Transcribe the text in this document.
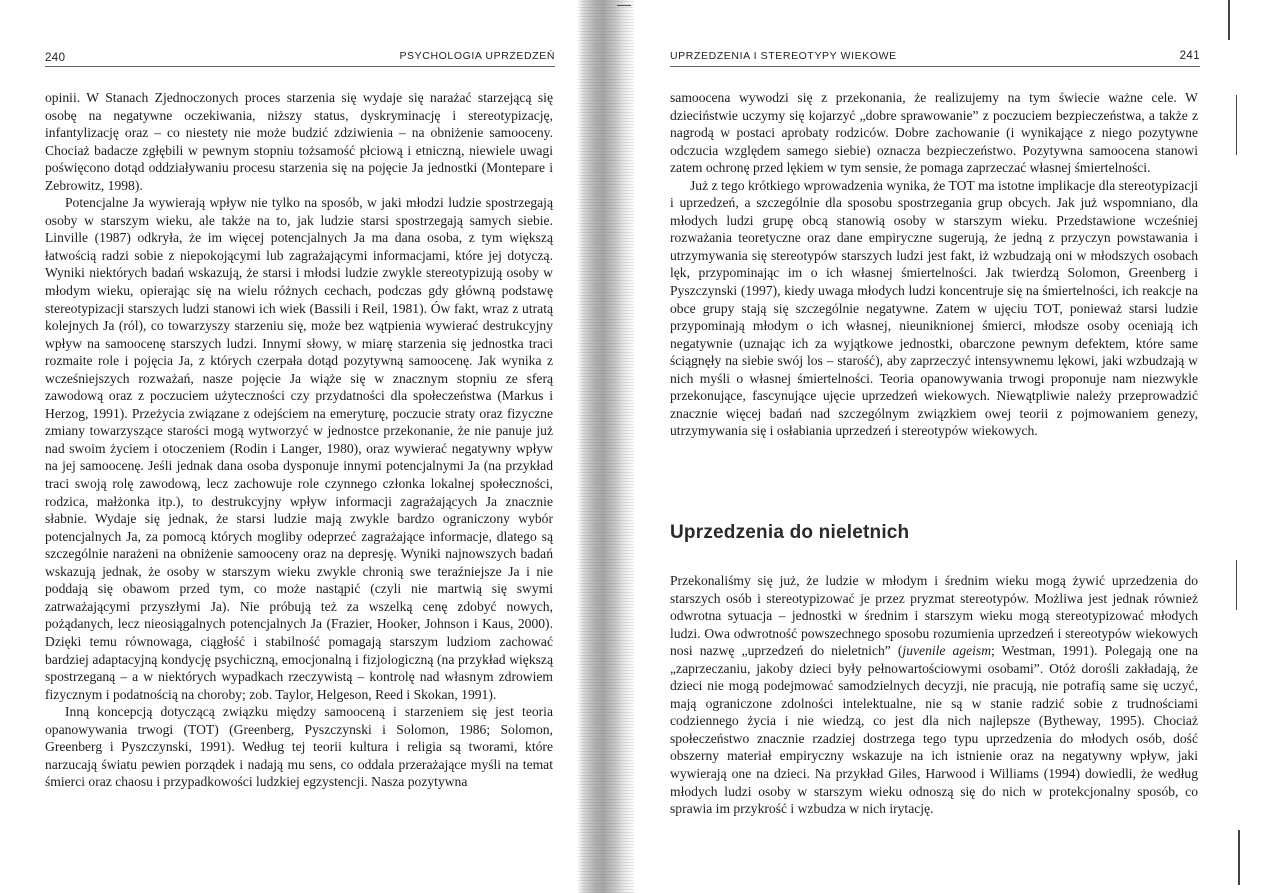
240	PSYCHOLOGIA UPRZEDZEŃ

opinii. W Stanach Zjednoczonych proces starzenia się wydaje się narażać starzejącą się osobę na negatywne oczekiwania, niższy status, dyskryminację i stereotypizację, infantylizację oraz – co niestety nie może budzić zdziwienia – na obniżenie samooceny. Chociaż badacze zgłębili w pewnym stopniu tożsamość płciową i etniczną, niewiele uwagi poświęcono dotąd oddziaływaniu procesu starzenia się na pojęcie Ja jednostki (Montepare i Zebrowitz, 1998).

Potencjalne Ja wywierają wpływ nie tylko na sposób, w jaki młodzi ludzie spostrzegają osoby w starszym wieku, ale także na to, jak ludzie starsi spostrzegają samych siebie. Linville (1987) odkryła, że im więcej potencjalnych Ja ma dana osoba, z tym większą łatwością radzi sobie z niepokojącymi lub zagrażającymi informacjami, które jej dotyczą. Wyniki niektórych badań wskazują, że starsi i młodsi ludzie zwykle stereotypizują osoby w młodym wieku, opierając się na wielu różnych cechach, podczas gdy główną podstawę stereotypizacji starszych ludzi stanowi ich wiek (Bassili i Reil, 1981). Ów fakt, wraz z utratą kolejnych Ja (ról), co towarzyszy starzeniu się, może bez wątpienia wywierać destrukcyjny wpływ na samoocenę starszych ludzi. Innymi słowy, w miarę starzenia się jednostka traci rozmaite role i pojęcia Ja, z których czerpała dotąd pozytywną samoocenę. Jak wynika z wcześniejszych rozważań, nasze pojęcie Ja wiąże się w znacznym stopniu ze sferą zawodową oraz z poczuciem użyteczności czy przydatności dla społeczeństwa (Markus i Herzog, 1991). Przeżycia związane z odejściem na emeryturę, poczucie straty oraz fizyczne zmiany towarzyszące starości mogą wytworzyć w jednostce przekonanie, że nie panuje już nad swoim życiem i otoczeniem (Rodin i Langer, 1980), oraz wywierać negatywny wpływ na jej samoocenę. Jeśli jednak dana osoba dysponuje innymi potencjalnymi Ja (na przykład traci swoją rolę zawodową, lecz zachowuje role czynnego członka lokalnej społeczności, rodzica, małżonka itp.), to destrukcyjny wpływ informacji zagrażających Ja znacznie słabnie. Wydaje się jednak, że starsi ludzie mają zwykle bardzo ograniczony wybór potencjalnych Ja, za pomocą których mogliby odeprzeć zagrażające informacje, dlatego są szczególnie narażeni na obniżenie samooceny oraz na depresję. Wyniki najnowszych badań wskazują jednak, że osoby w starszym wieku zwykle chronią swe teraźniejsze Ja i nie poddają się obawom przed tym, co może nastąpić (czyli nie martwią się swymi zatrważającymi przyszłymi Ja). Nie próbują też za wszelką cenę zdobyć nowych, pożądanych, lecz nieosiągalnych potencjalnych Ja (Frazier, Hooker, Johnson i Kaus, 2000). Dzięki temu równowaga, ciągłość i stabilność pomagają starszym ludziom zachować bardziej adaptacyjną kondycję psychiczną, emocjonalną i fizjologiczną (na przykład większą spostrzeganą – a w niektórych wypadkach rzeczywistą – kontrolę nad własnym zdrowiem fizycznym i podatnością na choroby; zob. Taylor, Helgeson, Reed i Skokan, 1991).

Inną koncepcją dotyczącą związku między samooceną i starzeniem się jest teoria opanowywania trwogi (TOT) (Greenberg, Pyszczynski i Solomon, 1986; Solomon, Greenberg i Pyszczynski, 1991). Według tej teorii kultura i religia są tworami, które narzucają światu pewien porządek i nadają mu sens, co oddala przerażające myśli na temat śmierci oraz chaosu i przypadkowości ludzkiej egzystencji. Nasza pozytywna

UPRZEDZENIA I STEREOTYPY WIEKOWE	241

samoocena wywodzi się z przekonania, że realizujemy na tym świecie ważne cele. W dzieciństwie uczymy się kojarzyć „dobre sprawowanie” z poczuciem bezpieczeństwa, a także z nagrodą w postaci aprobaty rodziców. Dobre zachowanie (i wynikające z niego pozytywne odczucia względem samego siebie) oznacza bezpieczeństwo. Pozytywna samoocena stanowi zatem ochronę przed lękiem w tym sensie, że pomaga zaprzeczać własnej śmiertelności.

Już z tego krótkiego wprowadzenia wynika, że TOT ma istotne implikacje dla stereotypizacji i uprzedzeń, a szczególnie dla sposobu spostrzegania grup obcych. Jak już wspomniano, dla młodych ludzi grupę obcą stanowią osoby w starszym wieku. Przedstawione wcześniej rozważania teoretyczne oraz dane empiryczne sugerują, że jedną z przyczyn powstawania i utrzymywania się stereotypów starszych ludzi jest fakt, iż wzbudzają oni w młodszych osobach lęk, przypominając im o ich własnej śmiertelności. Jak twierdzą Solomon, Greenberg i Pyszczynski (1997), kiedy uwaga młodych ludzi koncentruje się na śmiertelności, ich reakcje na obce grupy stają się szczególnie negatywne. Zatem w ujęciu TOT, ponieważ starsi ludzie przypominają młodym o ich własnej, nieuniknionej śmierci, młodsze osoby oceniają ich negatywnie (uznając ich za wyjątkowe jednostki, obarczone pewnym defektem, które same ściągnęły na siebie swój los – starość), aby zaprzeczyć intensywnemu lękowi, jaki wzbudzają w nich myśli o własnej śmiertelności. Teoria opanowywania trwogi proponuje nam niezwykle przekonujące, fascynujące ujęcie uprzedzeń wiekowych. Niewątpliwie należy przeprowadzić znacznie więcej badań nad szczególnym związkiem owej teorii z pojmowaniem genezy, utrzymywania się i osłabiania uprzedzeń i stereotypów wiekowych.

Uprzedzenia do nieletnich

Przekonaliśmy się już, że ludzie w młodym i średnim wieku mogą żywić uprzedzenia do starszych osób i stereotypizować je przez pryzmat stereotypów. Możliwa jest jednak również odwrotna sytuacja – jednostki w średnim i starszym wieku mogą stereotypizować młodych ludzi. Owa odwrotność powszechnego sposobu rozumienia uprzedzeń i stereotypów wiekowych nosi nazwę „uprzedzeń do nieletnich” (juvenile ageism; Westman, 1991). Polegają one na „zaprzeczaniu, jakoby dzieci były pełnowartościowymi osobami”. Otóż dorośli zakładają, że dzieci nie mogą podejmować samodzielnych decyzji, nie pracują, nie potrafią same się uczyć, mają ograniczone zdolności intelektualne, nie są w stanie radzić sobie z trudnościami codziennego życia i nie wiedzą, co jest dla nich najlepsze (Bytheway, 1995). Chociaż społeczeństwo znacznie rzadziej dostrzega tego typu uprzedzenia do młodych osób, dość obszerny materiał empiryczny wskazuje na ich istnienie oraz na negatywny wpływ, jaki wywierają one na dzieci. Na przykład Giles, Harwood i Williams (1994) dowiedli, że według młodych ludzi osoby w starszym wieku odnoszą się do nich w protekcjonalny sposób, co sprawia im przykrość i wzbudza w nich irytację.
